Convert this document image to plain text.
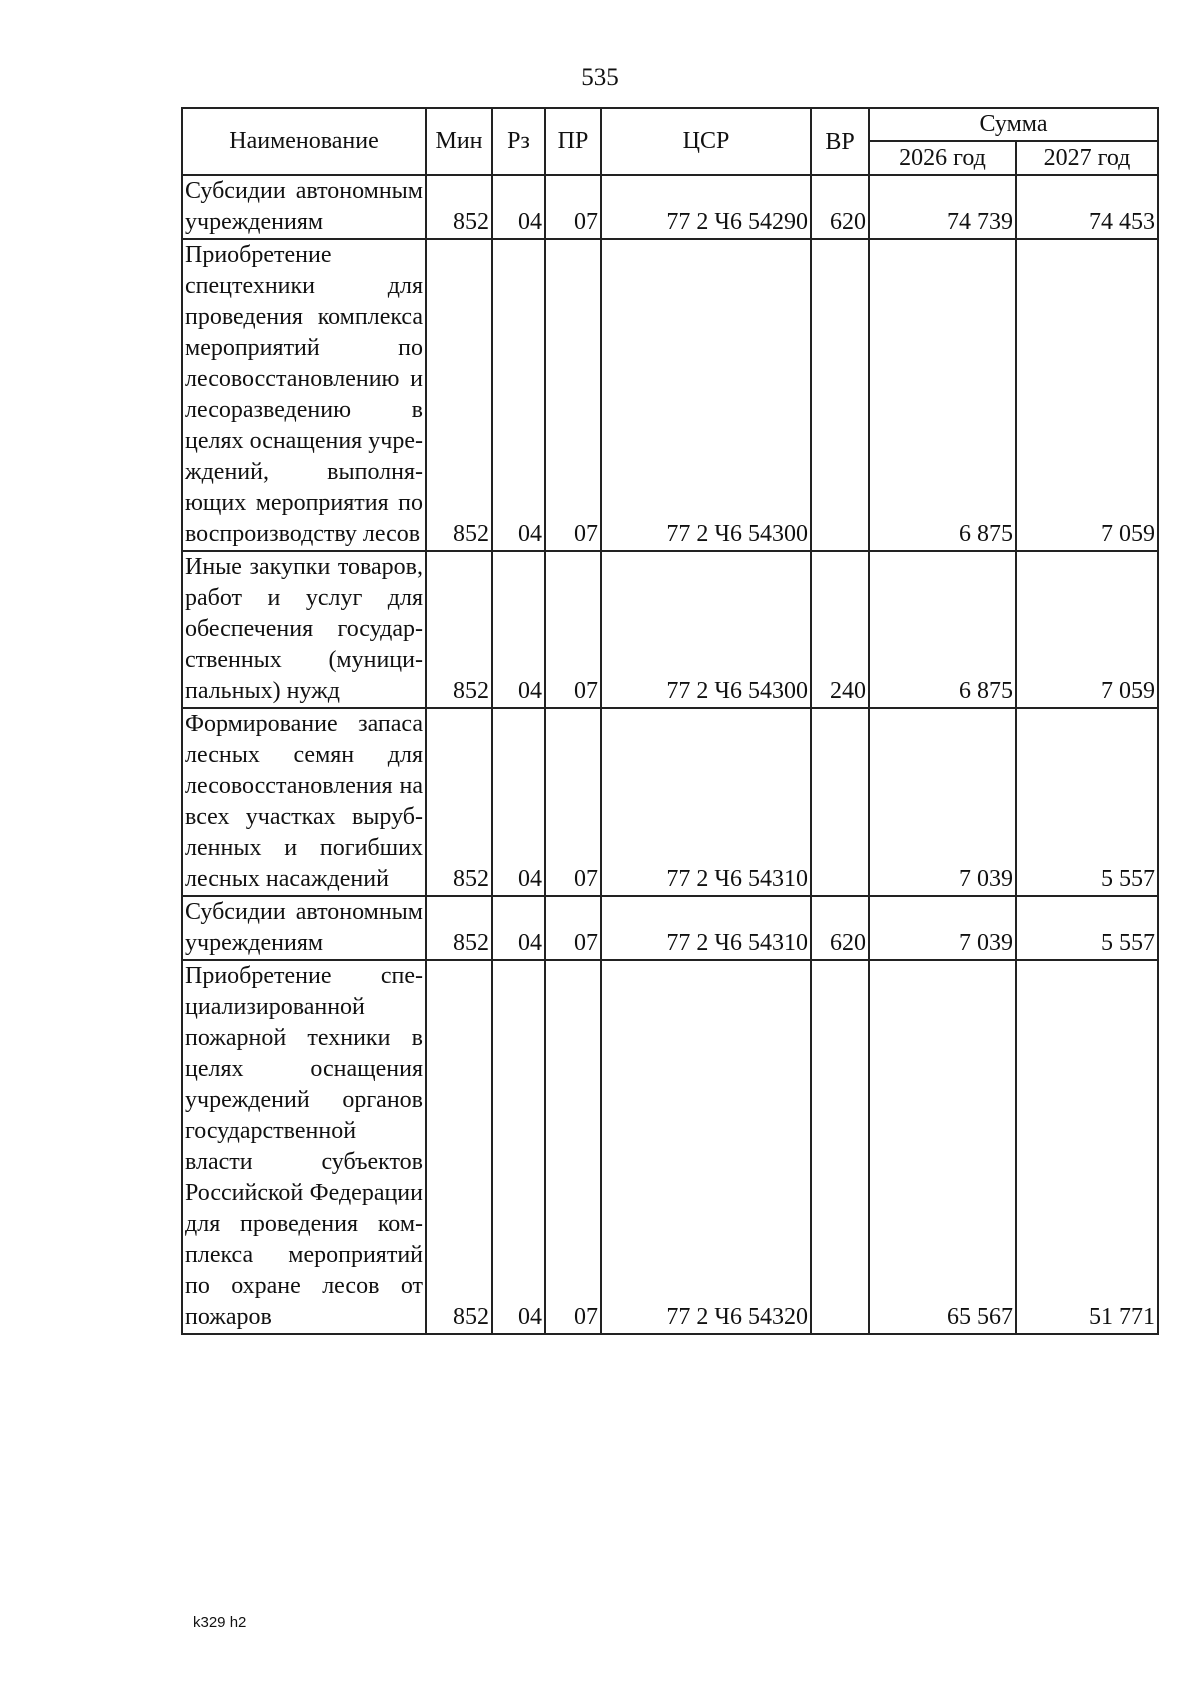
535
Наименование	Мин	Рз	ПР	ЦСР	ВР	Сумма	
						2026 год	2027 год
Субсидии автономным учреждениям	852	04	07	77 2 Ч6 54290	620	74 739	74 453
Приобретение спецтехники для проведения комплекса мероприятий по лесовосстановлению и лесоразведению в целях оснащения учреждений, выполняющих мероприятия по воспроизводству лесов	852	04	07	77 2 Ч6 54300		6 875	7 059
Иные закупки товаров, работ и услуг для обеспечения государственных (муниципальных) нужд	852	04	07	77 2 Ч6 54300	240	6 875	7 059
Формирование запаса лесных семян для лесовосстановления на всех участках вырубленных и погибших лесных насаждений	852	04	07	77 2 Ч6 54310		7 039	5 557
Субсидии автономным учреждениям	852	04	07	77 2 Ч6 54310	620	7 039	5 557
Приобретение специализированной пожарной техники в целях оснащения учреждений органов государственной власти субъектов Российской Федерации для проведения комплекса мероприятий по охране лесов от пожаров	852	04	07	77 2 Ч6 54320		65 567	51 771
k329 h2
